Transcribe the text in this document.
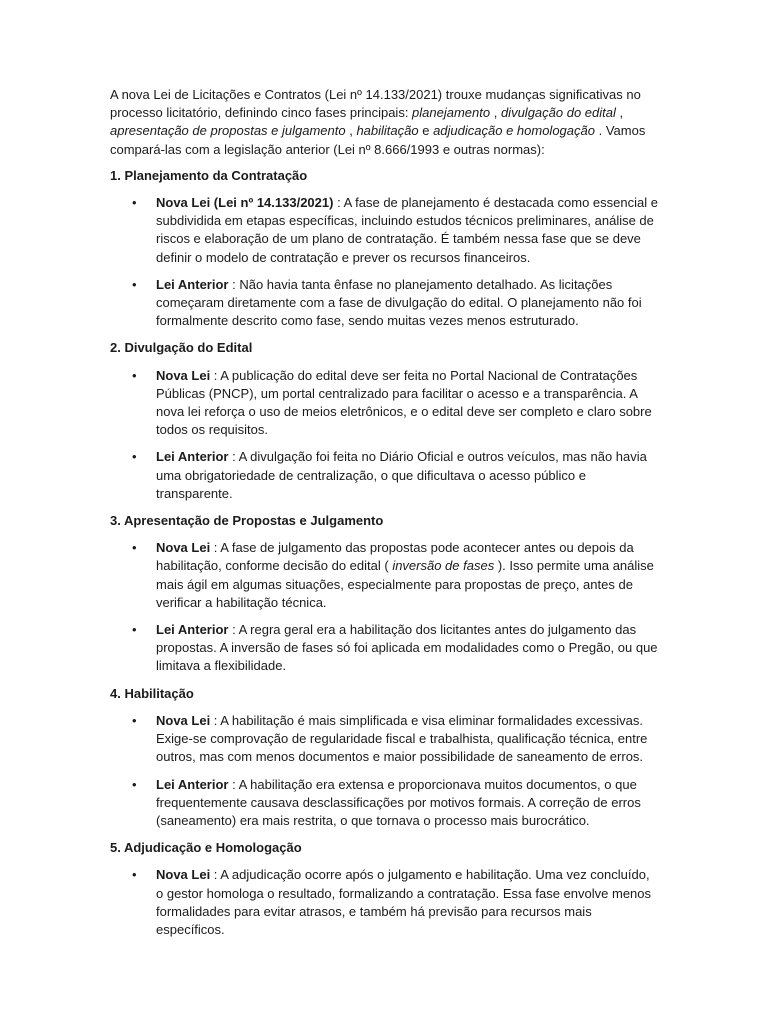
A nova Lei de Licitações e Contratos (Lei nº 14.133/2021) trouxe mudanças significativas no processo licitatório, definindo cinco fases principais: planejamento , divulgação do edital , apresentação de propostas e julgamento , habilitação e adjudicação e homologação . Vamos compará-las com a legislação anterior (Lei nº 8.666/1993 e outras normas):

1. Planejamento da Contratação

• Nova Lei (Lei nº 14.133/2021) : A fase de planejamento é destacada como essencial e subdividida em etapas específicas, incluindo estudos técnicos preliminares, análise de riscos e elaboração de um plano de contratação. É também nessa fase que se deve definir o modelo de contratação e prever os recursos financeiros.
• Lei Anterior : Não havia tanta ênfase no planejamento detalhado. As licitações começaram diretamente com a fase de divulgação do edital. O planejamento não foi formalmente descrito como fase, sendo muitas vezes menos estruturado.

2. Divulgação do Edital

• Nova Lei : A publicação do edital deve ser feita no Portal Nacional de Contratações Públicas (PNCP), um portal centralizado para facilitar o acesso e a transparência. A nova lei reforça o uso de meios eletrônicos, e o edital deve ser completo e claro sobre todos os requisitos.
• Lei Anterior : A divulgação foi feita no Diário Oficial e outros veículos, mas não havia uma obrigatoriedade de centralização, o que dificultava o acesso público e transparente.

3. Apresentação de Propostas e Julgamento

• Nova Lei : A fase de julgamento das propostas pode acontecer antes ou depois da habilitação, conforme decisão do edital ( inversão de fases ). Isso permite uma análise mais ágil em algumas situações, especialmente para propostas de preço, antes de verificar a habilitação técnica.
• Lei Anterior : A regra geral era a habilitação dos licitantes antes do julgamento das propostas. A inversão de fases só foi aplicada em modalidades como o Pregão, ou que limitava a flexibilidade.

4. Habilitação

• Nova Lei : A habilitação é mais simplificada e visa eliminar formalidades excessivas. Exige-se comprovação de regularidade fiscal e trabalhista, qualificação técnica, entre outros, mas com menos documentos e maior possibilidade de saneamento de erros.
• Lei Anterior : A habilitação era extensa e proporcionava muitos documentos, o que frequentemente causava desclassificações por motivos formais. A correção de erros (saneamento) era mais restrita, o que tornava o processo mais burocrático.

5. Adjudicação e Homologação

• Nova Lei : A adjudicação ocorre após o julgamento e habilitação. Uma vez concluído, o gestor homologa o resultado, formalizando a contratação. Essa fase envolve menos formalidades para evitar atrasos, e também há previsão para recursos mais específicos.
